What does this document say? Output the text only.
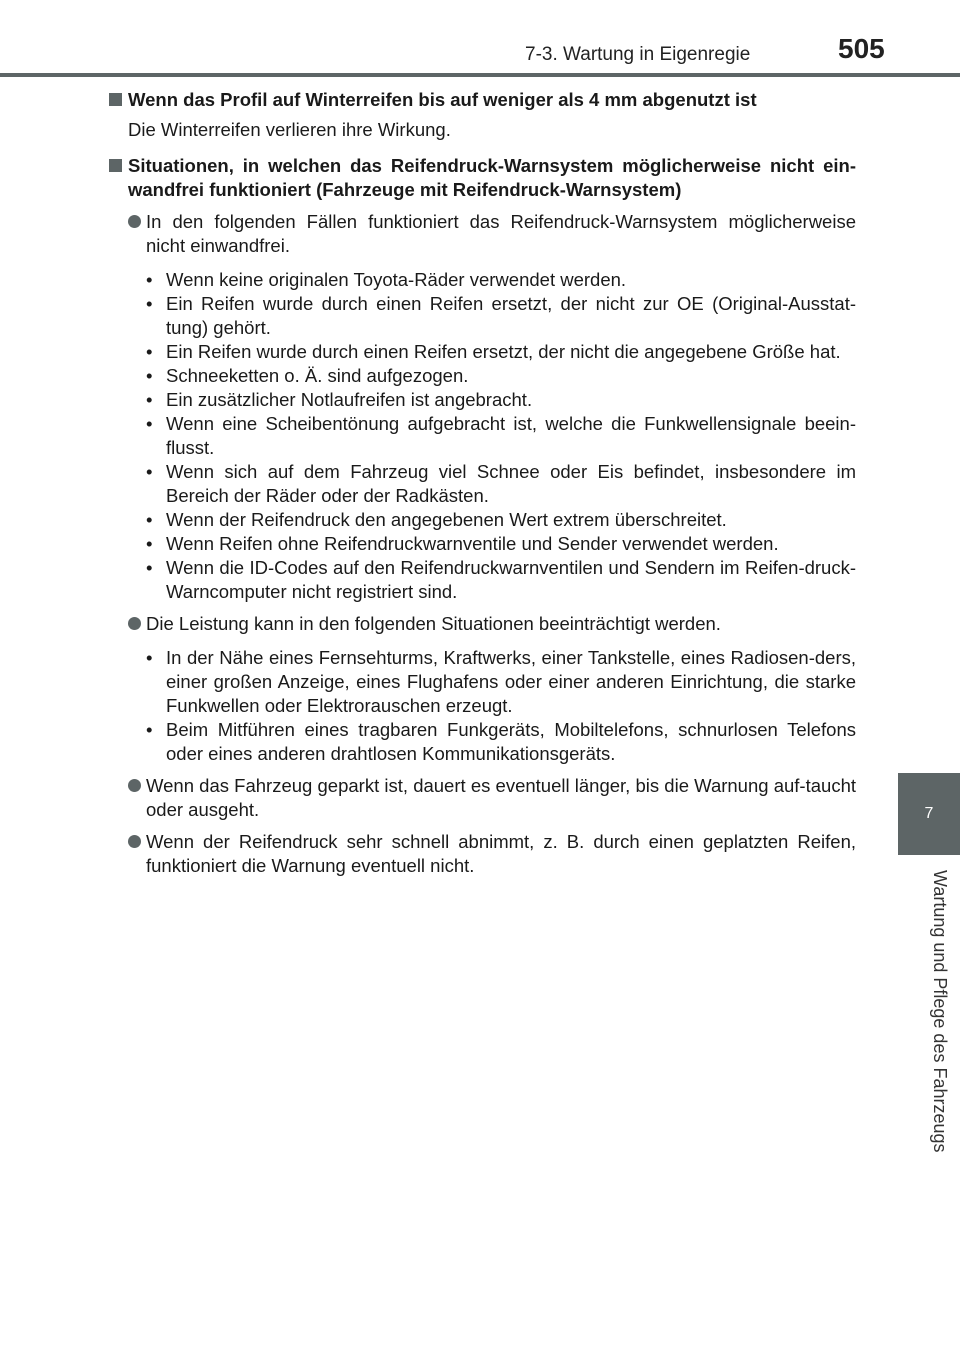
7-3. Wartung in Eigenregie	505
7
Wartung und Pflege des Fahrzeugs
Wenn das Profil auf Winterreifen bis auf weniger als 4 mm abgenutzt ist
Die Winterreifen verlieren ihre Wirkung.
Situationen, in welchen das Reifendruck-Warnsystem möglicherweise nicht ein-wandfrei funktioniert (Fahrzeuge mit Reifendruck-Warnsystem)
In den folgenden Fällen funktioniert das Reifendruck-Warnsystem möglicherweise nicht einwandfrei.
• Wenn keine originalen Toyota-Räder verwendet werden.
• Ein Reifen wurde durch einen Reifen ersetzt, der nicht zur OE (Original-Ausstat-tung) gehört.
• Ein Reifen wurde durch einen Reifen ersetzt, der nicht die angegebene Größe hat.
• Schneeketten o. Ä. sind aufgezogen.
• Ein zusätzlicher Notlaufreifen ist angebracht.
• Wenn eine Scheibentönung aufgebracht ist, welche die Funkwellensignale beein-flusst.
• Wenn sich auf dem Fahrzeug viel Schnee oder Eis befindet, insbesondere im Bereich der Räder oder der Radkästen.
• Wenn der Reifendruck den angegebenen Wert extrem überschreitet.
• Wenn Reifen ohne Reifendruckwarnventile und Sender verwendet werden.
• Wenn die ID-Codes auf den Reifendruckwarnventilen und Sendern im Reifen-druck-Warncomputer nicht registriert sind.
Die Leistung kann in den folgenden Situationen beeinträchtigt werden.
• In der Nähe eines Fernsehturms, Kraftwerks, einer Tankstelle, eines Radiosen-ders, einer großen Anzeige, eines Flughafens oder einer anderen Einrichtung, die starke Funkwellen oder Elektrorauschen erzeugt.
• Beim Mitführen eines tragbaren Funkgeräts, Mobiltelefons, schnurlosen Telefons oder eines anderen drahtlosen Kommunikationsgeräts.
Wenn das Fahrzeug geparkt ist, dauert es eventuell länger, bis die Warnung auf-taucht oder ausgeht.
Wenn der Reifendruck sehr schnell abnimmt, z. B. durch einen geplatzten Reifen, funktioniert die Warnung eventuell nicht.
